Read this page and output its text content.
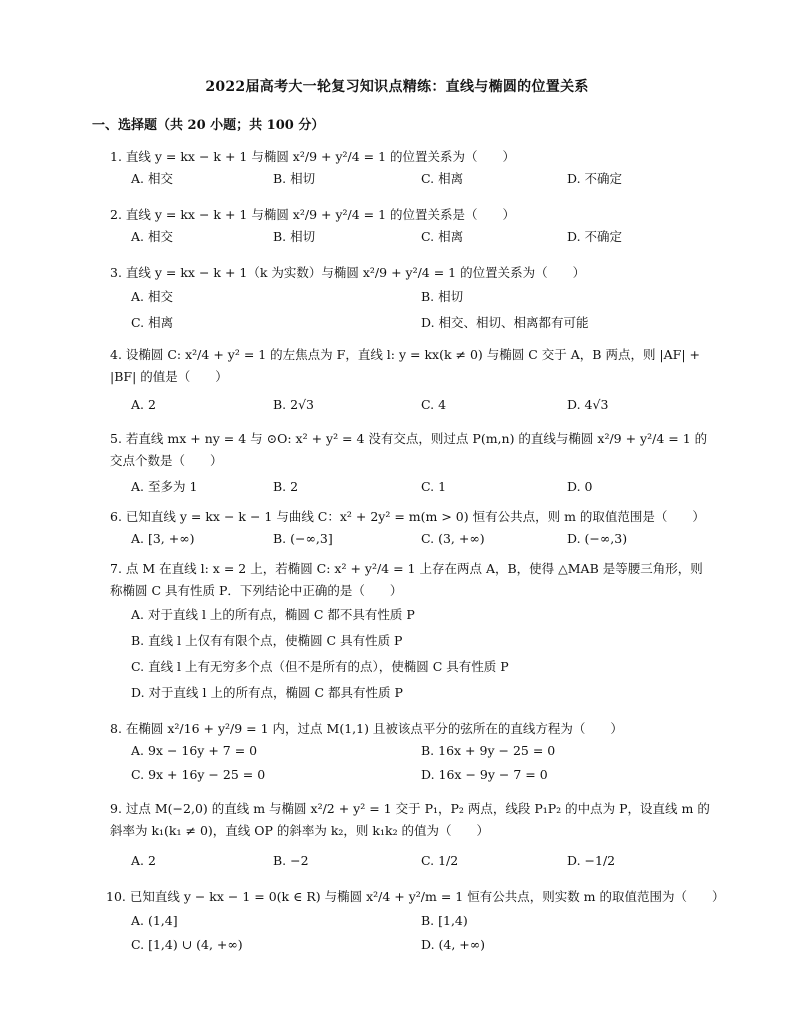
2022届高考大一轮复习知识点精练：直线与椭圆的位置关系
一、选择题（共 20 小题；共 100 分）
1. 直线 y = kx − k + 1 与椭圆 x²/9 + y²/4 = 1 的位置关系为（　　）
A. 相交	B. 相切	C. 相离	D. 不确定
2. 直线 y = kx − k + 1 与椭圆 x²/9 + y²/4 = 1 的位置关系是（　　）
A. 相交	B. 相切	C. 相离	D. 不确定
3. 直线 y = kx − k + 1（k 为实数）与椭圆 x²/9 + y²/4 = 1 的位置关系为（　　）
A. 相交	B. 相切
C. 相离	D. 相交、相切、相离都有可能
4. 设椭圆 C: x²/4 + y² = 1 的左焦点为 F，直线 l: y = kx(k ≠ 0) 与椭圆 C 交于 A，B 两点，则 |AF| + |BF| 的值是（　　）
A. 2	B. 2√3	C. 4	D. 4√3
5. 若直线 mx + ny = 4 与 ⊙O: x² + y² = 4 没有交点，则过点 P(m,n) 的直线与椭圆 x²/9 + y²/4 = 1 的交点个数是（　　）
A. 至多为 1	B. 2	C. 1	D. 0
6. 已知直线 y = kx − k − 1 与曲线 C：x² + 2y² = m(m > 0) 恒有公共点，则 m 的取值范围是（　　）
A. [3, +∞)	B. (−∞,3]	C. (3, +∞)	D. (−∞,3)
7. 点 M 在直线 l: x = 2 上，若椭圆 C: x² + y²/4 = 1 上存在两点 A，B，使得 △MAB 是等腰三角形，则称椭圆 C 具有性质 P．下列结论中正确的是（　　）
A. 对于直线 l 上的所有点，椭圆 C 都不具有性质 P
B. 直线 l 上仅有有限个点，使椭圆 C 具有性质 P
C. 直线 l 上有无穷多个点（但不是所有的点），使椭圆 C 具有性质 P
D. 对于直线 l 上的所有点，椭圆 C 都具有性质 P
8. 在椭圆 x²/16 + y²/9 = 1 内，过点 M(1,1) 且被该点平分的弦所在的直线方程为（　　）
A. 9x − 16y + 7 = 0	B. 16x + 9y − 25 = 0
C. 9x + 16y − 25 = 0	D. 16x − 9y − 7 = 0
9. 过点 M(−2,0) 的直线 m 与椭圆 x²/2 + y² = 1 交于 P₁，P₂ 两点，线段 P₁P₂ 的中点为 P，设直线 m 的斜率为 k₁(k₁ ≠ 0)，直线 OP 的斜率为 k₂，则 k₁k₂ 的值为（　　）
A. 2	B. −2	C. 1/2	D. −1/2
10. 已知直线 y − kx − 1 = 0(k ∈ R) 与椭圆 x²/4 + y²/m = 1 恒有公共点，则实数 m 的取值范围为（　　）
A. (1,4]	B. [1,4)
C. [1,4) ∪ (4, +∞)	D. (4, +∞)
